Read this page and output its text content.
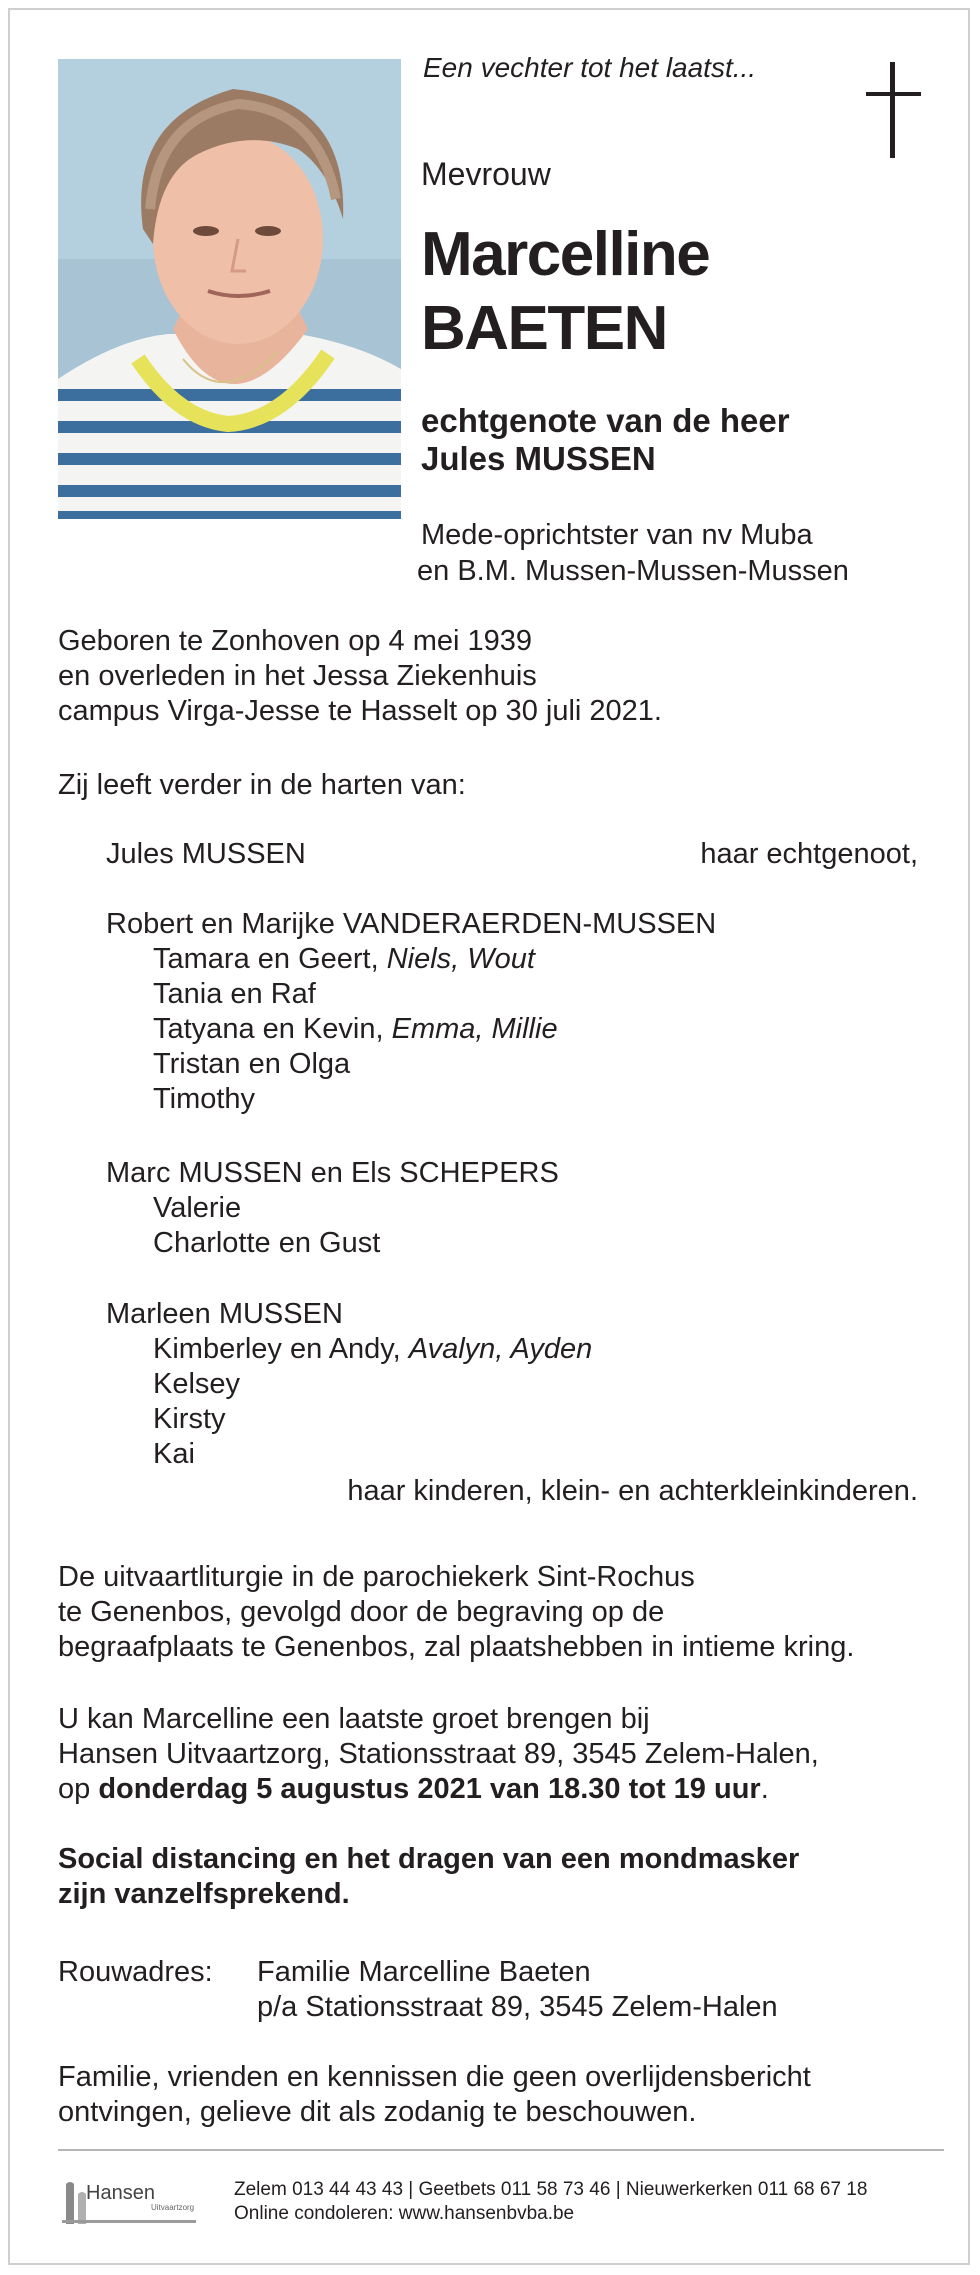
Een vechter tot het laatst...
Mevrouw
Marcelline
BAETEN
echtgenote van de heer
Jules MUSSEN
Mede-oprichtster van nv Muba
en B.M. Mussen-Mussen-Mussen
Geboren te Zonhoven op 4 mei 1939
en overleden in het Jessa Ziekenhuis
campus Virga-Jesse te Hasselt op 30 juli 2021.
Zij leeft verder in de harten van:
Jules MUSSEN	haar echtgenoot,
Robert en Marijke VANDERAERDEN-MUSSEN
Tamara en Geert, Niels, Wout
Tania en Raf
Tatyana en Kevin, Emma, Millie
Tristan en Olga
Timothy
Marc MUSSEN en Els SCHEPERS
Valerie
Charlotte en Gust
Marleen MUSSEN
Kimberley en Andy, Avalyn, Ayden
Kelsey
Kirsty
Kai
haar kinderen, klein- en achterkleinkinderen.
De uitvaartliturgie in de parochiekerk Sint-Rochus
te Genenbos, gevolgd door de begraving op de
begraafplaats te Genenbos, zal plaatshebben in intieme kring.
U kan Marcelline een laatste groet brengen bij
Hansen Uitvaartzorg, Stationsstraat 89, 3545 Zelem-Halen,
op donderdag 5 augustus 2021 van 18.30 tot 19 uur.
Social distancing en het dragen van een mondmasker
zijn vanzelfsprekend.
Rouwadres: Familie Marcelline Baeten
p/a Stationsstraat 89, 3545 Zelem-Halen
Familie, vrienden en kennissen die geen overlijdensbericht
ontvingen, gelieve dit als zodanig te beschouwen.
Hansen
Uitvaartzorg
Zelem 013 44 43 43 | Geetbets 011 58 73 46 | Nieuwerkerken 011 68 67 18
Online condoleren: www.hansenbvba.be
